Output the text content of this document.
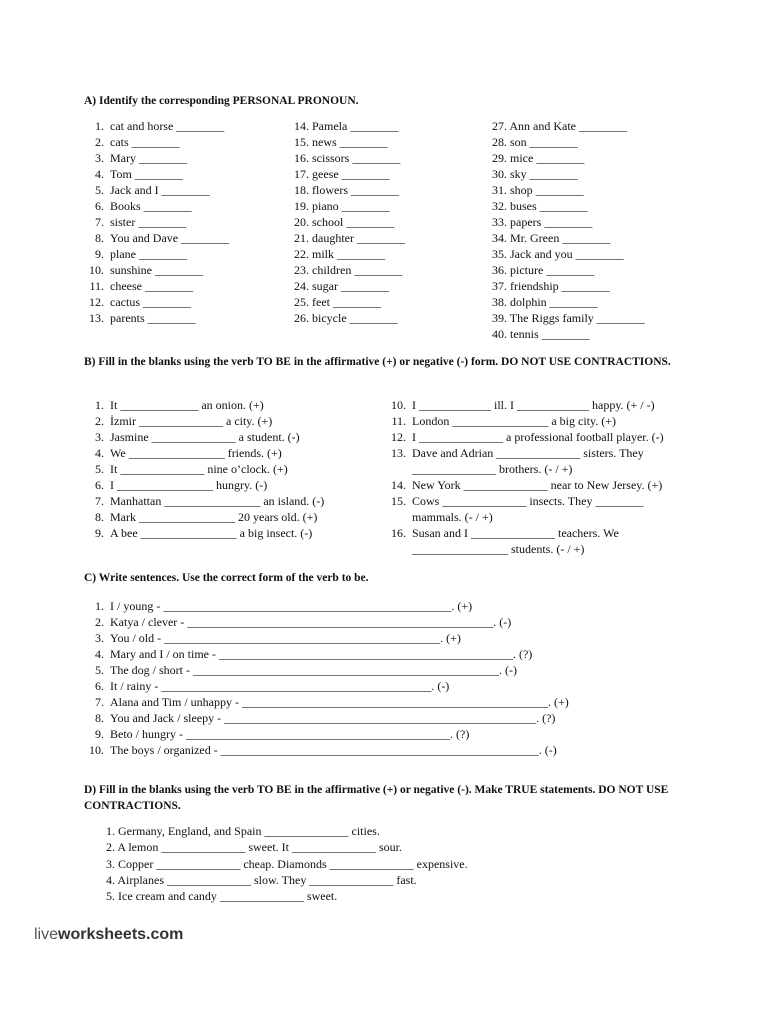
A) Identify the corresponding PERSONAL PRONOUN.
1. cat and horse ________
2. cats ________
3. Mary ________
4. Tom ________
5. Jack and I ________
6. Books ________
7. sister ________
8. You and Dave ________
9. plane ________
10. sunshine ________
11. cheese ________
12. cactus ________
13. parents ________
14. Pamela ________
15. news ________
16. scissors ________
17. geese ________
18. flowers ________
19. piano ________
20. school ________
21. daughter ________
22. milk ________
23. children ________
24. sugar ________
25. feet ________
26. bicycle ________
27. Ann and Kate ________
28. son ________
29. mice ________
30. sky ________
31. shop ________
32. buses ________
33. papers ________
34. Mr. Green ________
35. Jack and you ________
36. picture ________
37. friendship ________
38. dolphin ________
39. The Riggs family ________
40. tennis ________
B) Fill in the blanks using the verb TO BE in the affirmative (+) or negative (-) form. DO NOT USE CONTRACTIONS.
1. It _____________ an onion. (+)
2. İzmir ______________ a city. (+)
3. Jasmine ______________ a student. (-)
4. We ________________ friends. (+)
5. It ______________ nine o’clock. (+)
6. I ________________ hungry. (-)
7. Manhattan ________________ an island. (-)
8. Mark ________________ 20 years old. (+)
9. A bee ________________ a big insect. (-)
10. I ____________ ill. I ____________ happy. (+ / -)
11. London ________________ a big city. (+)
12. I ______________ a professional football player. (-)
13. Dave and Adrian ______________ sisters. They
______________ brothers. (- / +)
14. New York ______________ near to New Jersey. (+)
15. Cows ______________ insects. They ________
mammals. (- / +)
16. Susan and I ______________ teachers. We
________________ students. (- / +)
C) Write sentences. Use the correct form of the verb to be.
1. I / young - ________________________________________________. (+)
2. Katya / clever - ___________________________________________________. (-)
3. You / old - ______________________________________________. (+)
4. Mary and I / on time - _________________________________________________. (?)
5. The dog / short - ___________________________________________________. (-)
6. It / rainy - _____________________________________________. (-)
7. Alana and Tim / unhappy - ___________________________________________________. (+)
8. You and Jack / sleepy - ____________________________________________________. (?)
9. Beto / hungry - ____________________________________________. (?)
10. The boys / organized - _____________________________________________________. (-)
D) Fill in the blanks using the verb TO BE in the affirmative (+) or negative (-). Make TRUE statements. DO NOT USE CONTRACTIONS.
1. Germany, England, and Spain ______________ cities.
2. A lemon ______________ sweet. It ______________ sour.
3. Copper ______________ cheap. Diamonds ______________ expensive.
4. Airplanes ______________ slow. They ______________ fast.
5. Ice cream and candy ______________ sweet.
liveworksheets.com
